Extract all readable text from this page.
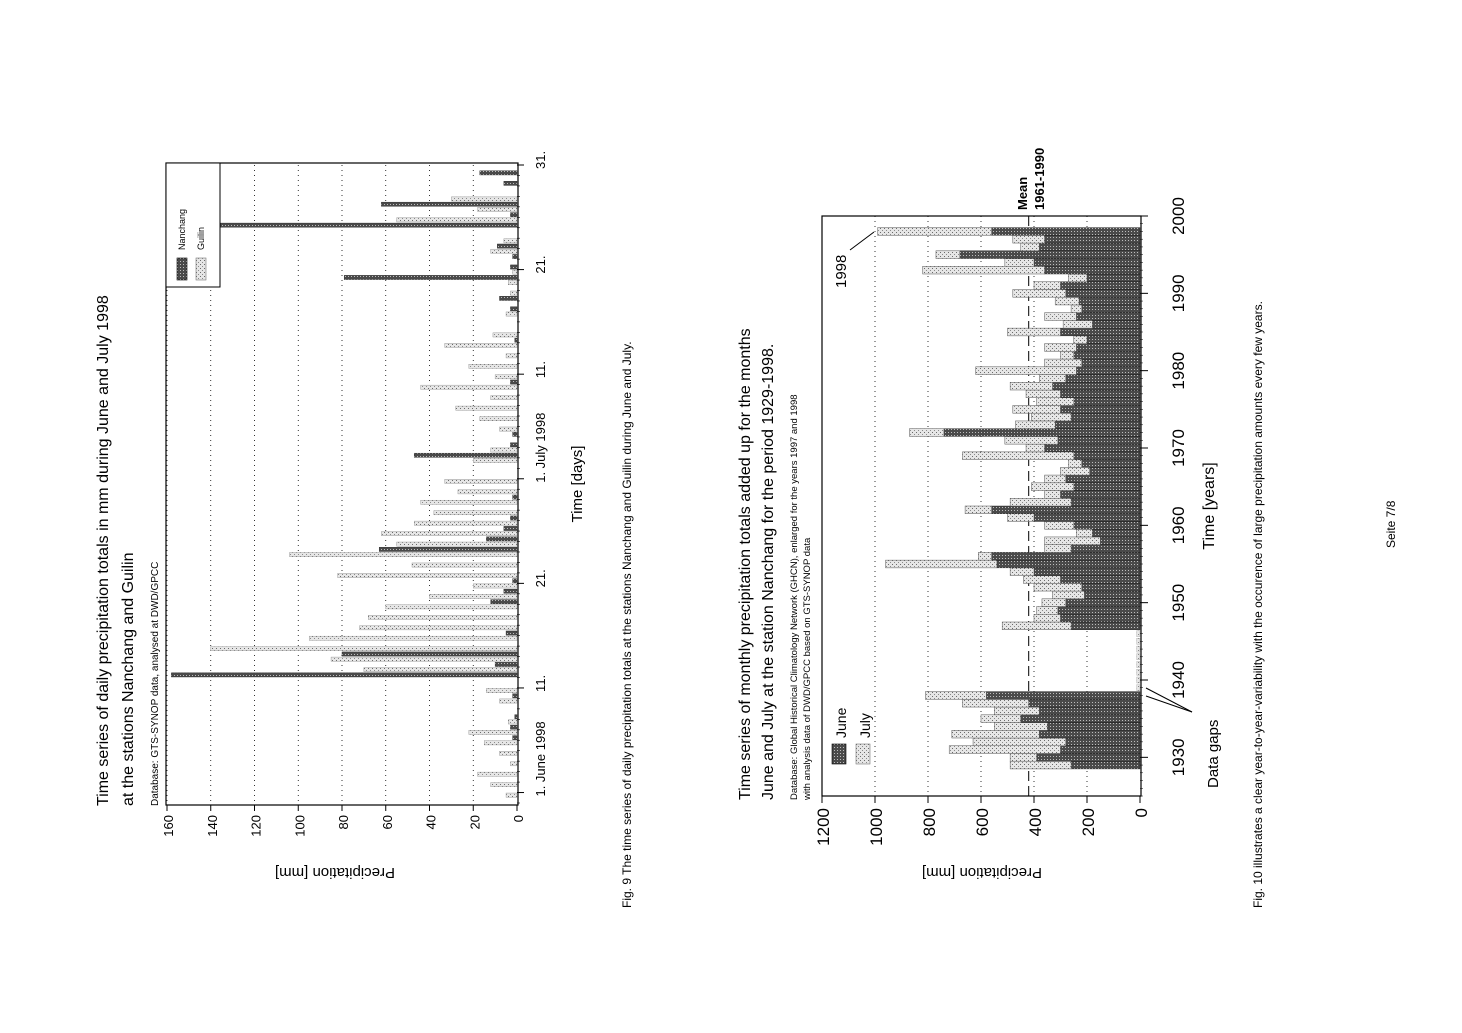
0
20
40
60
80
100
120
140
160
1. June 1998
11.
21.
1. July 1998
11.
21.
31.
Nanchang Guilin
Time series of daily precipitation totals in mm during June and July 1998 at the stations Nanchang and Guilin Database: GTS-SYNOP data, analysed at DWD/GPCC
Precipitation [mm]
Time [days]	Fig. 9 The time series of daily precipitation totals at the stations Nanchang and Guilin during June and July.	0
200
400
600
800
1000
1200
1930
1940
1950
1960
1970
1980
1990
2000
June July
1998
Data gaps
Mean 1961-1990
Time series of monthly precipitation totals added up for the months June and July at the station Nanchang for the period 1929-1998. Database: Global Historical Climatology Network (GHCN), enlarged for the years 1997 and 1998 with analysis data of DWD/GPCC based on GTS-SYNOP data
Precipitation [mm]
Time [years]	Fig. 10 illustrates a clear year-to-year-variability with the occurence of large precipitation amounts every few years.	Seite 7/8
